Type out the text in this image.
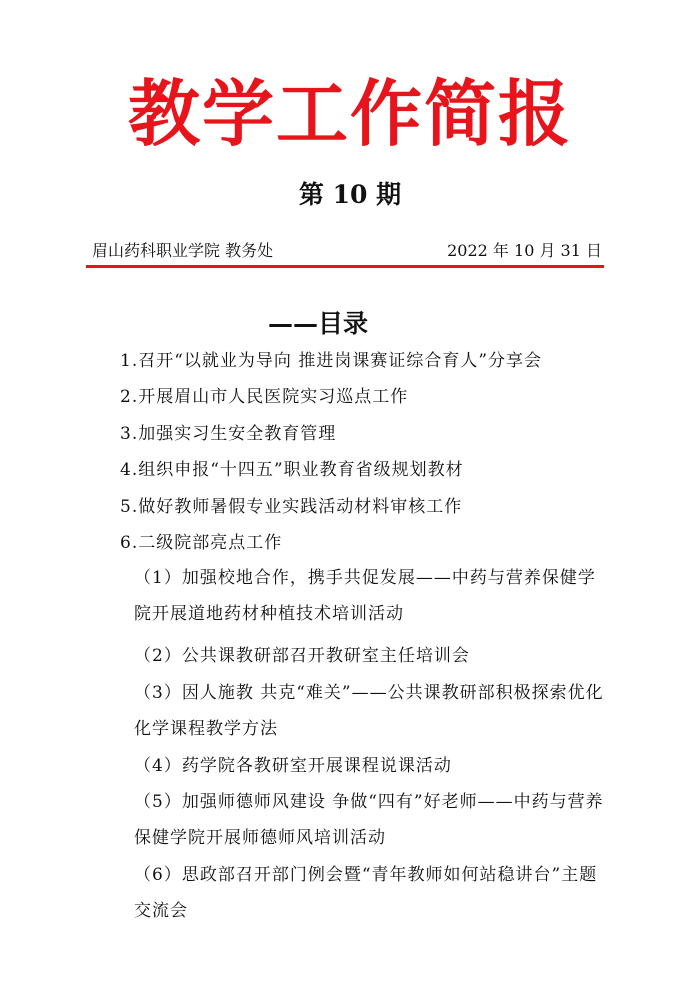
教学工作简报
第 10 期
眉山药科职业学院 教务处	2022 年 10 月 31 日
——目录
1.召开“以就业为导向 推进岗课赛证综合育人”分享会
2.开展眉山市人民医院实习巡点工作
3.加强实习生安全教育管理
4.组织申报“十四五”职业教育省级规划教材
5.做好教师暑假专业实践活动材料审核工作
6.二级院部亮点工作
（1）加强校地合作，携手共促发展——中药与营养保健学院开展道地药材种植技术培训活动
（2）公共课教研部召开教研室主任培训会
（3）因人施教 共克“难关”——公共课教研部积极探索优化化学课程教学方法
（4）药学院各教研室开展课程说课活动
（5）加强师德师风建设 争做“四有”好老师——中药与营养保健学院开展师德师风培训活动
（6）思政部召开部门例会暨“青年教师如何站稳讲台”主题交流会
